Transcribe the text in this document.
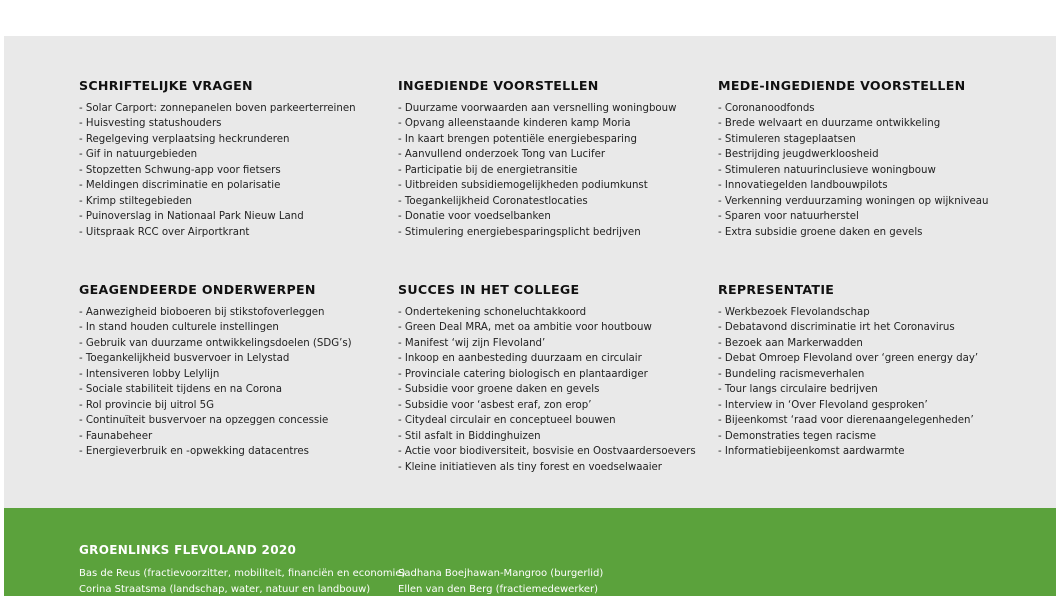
SCHRIFTELIJKE VRAGEN
- Solar Carport: zonnepanelen boven parkeerterreinen
- Huisvesting statushouders
- Regelgeving verplaatsing heckrunderen
- Gif in natuurgebieden
- Stopzetten Schwung-app voor fietsers
- Meldingen discriminatie en polarisatie
- Krimp stiltegebieden
- Puinoverslag in Nationaal Park Nieuw Land
- Uitspraak RCC over Airportkrant
INGEDIENDE VOORSTELLEN
- Duurzame voorwaarden aan versnelling woningbouw
- Opvang alleenstaande kinderen kamp Moria
- In kaart brengen potentiële energiebesparing
- Aanvullend onderzoek Tong van Lucifer
- Participatie bij de energietransitie
- Uitbreiden subsidiemogelijkheden podiumkunst
- Toegankelijkheid Coronatestlocaties
- Donatie voor voedselbanken
- Stimulering energiebesparingsplicht bedrijven
MEDE-INGEDIENDE VOORSTELLEN
- Coronanoodfonds
- Brede welvaart en duurzame ontwikkeling
- Stimuleren stageplaatsen
- Bestrijding jeugdwerkloosheid
- Stimuleren natuurinclusieve woningbouw
- Innovatiegelden landbouwpilots
- Verkenning verduurzaming woningen op wijkniveau
- Sparen voor natuurherstel
- Extra subsidie groene daken en gevels
GEAGENDEERDE ONDERWERPEN
- Aanwezigheid bioboeren bij stikstofoverleggen
- In stand houden culturele instellingen
- Gebruik van duurzame ontwikkelingsdoelen (SDG’s)
- Toegankelijkheid busvervoer in Lelystad
- Intensiveren lobby Lelylijn
- Sociale stabiliteit tijdens en na Corona
- Rol provincie bij uitrol 5G
- Continuïteit busvervoer na opzeggen concessie
- Faunabeheer
- Energieverbruik en -opwekking datacentres
SUCCES IN HET COLLEGE
- Ondertekening schoneluchtakkoord
- Green Deal MRA, met oa ambitie voor houtbouw
- Manifest ‘wij zijn Flevoland’
- Inkoop en aanbesteding duurzaam en circulair
- Provinciale catering biologisch en plantaardiger
- Subsidie voor groene daken en gevels
- Subsidie voor ‘asbest eraf, zon erop’
- Citydeal circulair en conceptueel bouwen
- Stil asfalt in Biddinghuizen
- Actie voor biodiversiteit, bosvisie en Oostvaardersoevers
- Kleine initiatieven als tiny forest en voedselwaaier
REPRESENTATIE
- Werkbezoek Flevolandschap
- Debatavond discriminatie irt het Coronavirus
- Bezoek aan Markerwadden
- Debat Omroep Flevoland over ‘green energy day’
- Bundeling racismeverhalen
- Tour langs circulaire bedrijven
- Interview in ‘Over Flevoland gesproken’
- Bijeenkomst ‘raad voor dierenaangelegenheden’
- Demonstraties tegen racisme
- Informatiebijeenkomst aardwarmte
GROENLINKS FLEVOLAND 2020
Bas de Reus (fractievoorzitter, mobiliteit, financiën en economie)
Corina Straatsma (landschap, water, natuur en landbouw)
Sadhana Boejhawan-Mangroo (burgerlid)
Ellen van den Berg (fractiemedewerker)
